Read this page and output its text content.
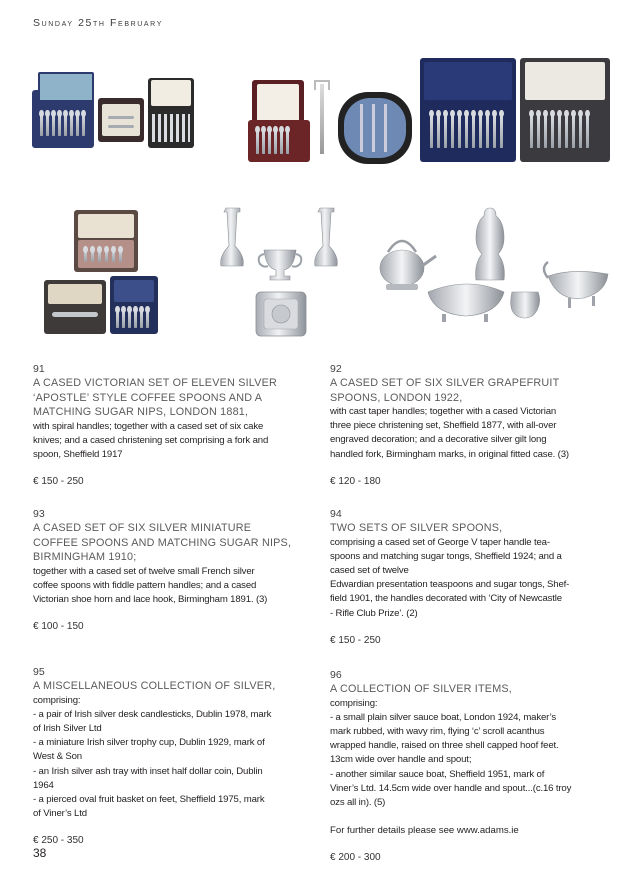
Sunday 25th February
91
A CASED VICTORIAN SET OF ELEVEN SILVER
‘APOSTLE’ STYLE COFFEE SPOONS AND A
MATCHING SUGAR NIPS, LONDON 1881,
with spiral handles; together with a cased set of six cake
knives; and a cased christening set comprising a fork and
spoon, Sheffield 1917
€ 150 - 250
92
A CASED SET OF SIX SILVER GRAPEFRUIT
SPOONS, LONDON 1922,
with cast taper handles; together with a cased Victorian
three piece christening set, Sheffield 1877, with all-over
engraved decoration; and a decorative silver gilt long
handled fork, Birmingham marks, in original fitted case. (3)
€ 120 - 180
93
A CASED SET OF SIX SILVER MINIATURE
COFFEE SPOONS AND MATCHING SUGAR NIPS,
BIRMINGHAM 1910;
together with a cased set of twelve small French silver
coffee spoons with fiddle pattern handles; and a cased
Victorian shoe horn and lace hook, Birmingham 1891. (3)
€ 100 - 150
94
TWO SETS OF SILVER SPOONS,
comprising a cased set of George V taper handle tea-
spoons and matching sugar tongs, Sheffield 1924; and a
cased set of twelve
Edwardian presentation teaspoons and sugar tongs, Shef-
field 1901, the handles decorated with ‘City of Newcastle
- Rifle Club Prize’. (2)
€ 150 - 250
95
A MISCELLANEOUS COLLECTION OF SILVER,
comprising:
- a pair of Irish silver desk candlesticks, Dublin 1978, mark
of Irish Silver Ltd
- a miniature Irish silver trophy cup, Dublin 1929, mark of
West & Son
- an Irish silver ash tray with inset half dollar coin, Dublin
1964
- a pierced oval fruit basket on feet, Sheffield 1975, mark
of Viner’s Ltd
€ 250 - 350
96
A COLLECTION OF SILVER ITEMS,
comprising:
- a small plain silver sauce boat, London 1924, maker’s
mark rubbed, with wavy rim, flying ‘c’ scroll acanthus
wrapped handle, raised on three shell capped hoof feet.
13cm wide over handle and spout;
- another similar sauce boat, Sheffield 1951, mark of
Viner’s Ltd. 14.5cm wide over handle and spout...(c.16 troy
ozs all in). (5)
For further details please see www.adams.ie
€ 200 - 300
38
